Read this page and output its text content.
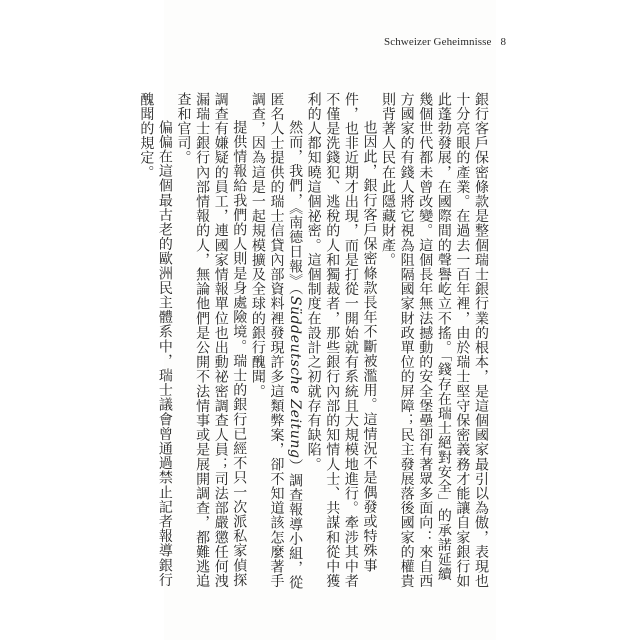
Schweizer Geheimnisse 8

銀行客戶保密條款是整個瑞士銀行業的根本，是這個國家最引以為傲，表現也十分亮眼的產業。在過去一百年裡，由於瑞士堅守保密義務才能讓自家銀行如此蓬勃發展，在國際間的聲譽屹立不搖。「錢存在瑞士絕對安全」的承諾延續幾個世代都未曾改變。這個長年無法撼動的安全堡壘卻有著眾多面向：來自西方國家的有錢人將它視為阻隔國家財政單位的屏障；民主發展落後國家的權貴則背著人民在此隱藏財產。

也因此，銀行客戶保密條款長年不斷被濫用。這情況不是偶發或特殊事件，也非近期才出現，而是打從一開始就有系統且大規模地進行。牽涉其中者不僅是洗錢犯、逃稅的人和獨裁者，那些銀行內部的知情人士、共謀和從中獲利的人都知曉這個祕密。這個制度在設計之初就存有缺陷。

然而，我們，《南德日報》（Süddeutsche Zeitung）調查報導小組，從匿名人士提供的瑞士信貸內部資料裡發現許多這類弊案，卻不知道該怎麼著手調查，因為這是一起規模擴及全球的銀行醜聞。

提供情報給我們的人則是身處險境。瑞士的銀行已經不只一次派私家偵探調查有嫌疑的員工，連國家情報單位也出動祕密調查人員；司法部嚴懲任何洩漏瑞士銀行內部情報的人，無論他們是公開不法情事或是展開調查，都難逃追查和官司。

偏偏在這個最古老的歐洲民主體系中，瑞士議會曾通過禁止記者報導銀行醜聞的規定。
